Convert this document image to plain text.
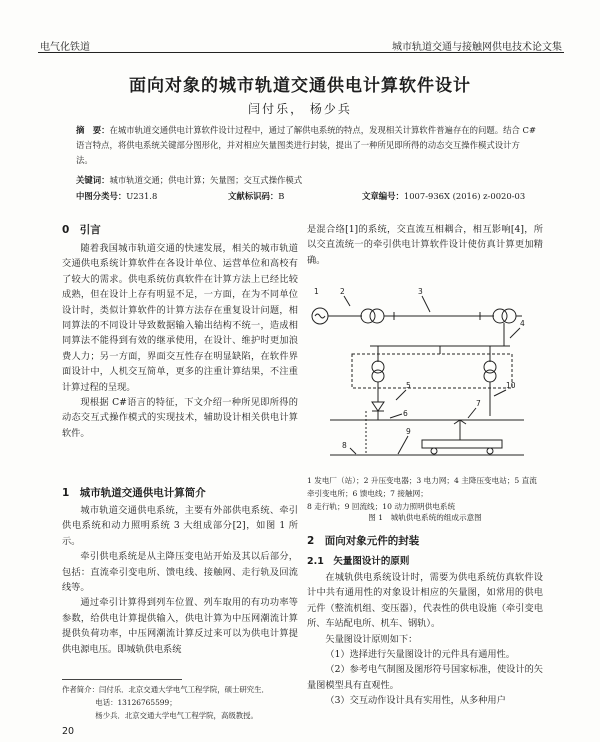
电气化铁道	城市轨道交通与接触网供电技术论文集
面向对象的城市轨道交通供电计算软件设计
闫付乐， 杨少兵
摘　要：在城市轨道交通供电计算软件设计过程中，通过了解供电系统的特点，发现相关计算软件普遍存在的问题。结合 C#语言特点，将供电系统关键部分图形化，并对相应矢量图类进行封装，提出了一种所见即所得的动态交互操作模式设计方法。
关键词：城市轨道交通；供电计算；矢量图；交互式操作模式
中图分类号：U231.8	文献标识码：B	文章编号：1007-936X (2016) z-0020-03
0　引言

随着我国城市轨道交通的快速发展，相关的城市轨道交通供电系统计算软件在各设计单位、运营单位和高校有了较大的需求。供电系统仿真软件在计算方法上已经比较成熟，但在设计上存有明显不足，一方面，在为不同单位设计时，类似计算软件的计算方法存在重复设计问题，相同算法的不同设计导致数据输入输出结构不统一，造成相同算法不能得到有效的继承使用，在设计、维护时更加浪费人力；另一方面，界面交互性存在明显缺陷，在软件界面设计中，人机交互简单，更多的注重计算结果，不注重计算过程的呈现。

现根据 C#语言的特征，下文介绍一种所见即所得的动态交互式操作模式的实现技术，辅助设计相关供电计算软件。

1　城市轨道交通供电计算简介

城市轨道交通供电系统，主要有外部供电系统、牵引供电系统和动力照明系统 3 大组成部分[2]，如图 1 所示。

牵引供电系统是从主降压变电站开始及其以后部分，包括：直流牵引变电所、馈电线、接触网、走行轨及回流线等。

通过牵引计算得到列车位置、列车取用的有功功率等参数，给供电计算提供输入，供电计算为中压网潮流计算提供负荷功率，中压网潮流计算反过来可以为供电计算提供电源电压。即城轨供电系统

作者简介：闫付乐．北京交通大学电气工程学院，硕士研究生．
电话：13126765599；
杨少兵．北京交通大学电气工程学院，高级教授。
20

是混合络[1]的系统，交直流互相耦合，相互影响[4]，所以交直流统一的牵引供电计算软件设计使仿真计算更加精确。

1	2	3
4
5
6
7
8
9
10
1 发电厂（站）；2 升压变电器；3 电力网；4 主降压变电站；5 直流牵引变电所；6 馈电线；7 接触网；
8 走行轨；9 回流线；10 动力照明供电系统
图 1　城轨供电系统的组成示意图
2　面向对象元件的封装
2.1　矢量图设计的原则

在城轨供电系统设计时，需要为供电系统仿真软件设计中共有通用性的对象设计相应的矢量图，如常用的供电元件（整流机组、变压器），代表性的供电设施（牵引变电所、车站配电所、机车、钢轨）。

矢量图设计原则如下：

（1）选择进行矢量图设计的元件具有通用性。

（2）参考电气制图及图形符号国家标准，使设计的矢量图模型具有直观性。

（3）交互动作设计具有实用性，从多种用户
